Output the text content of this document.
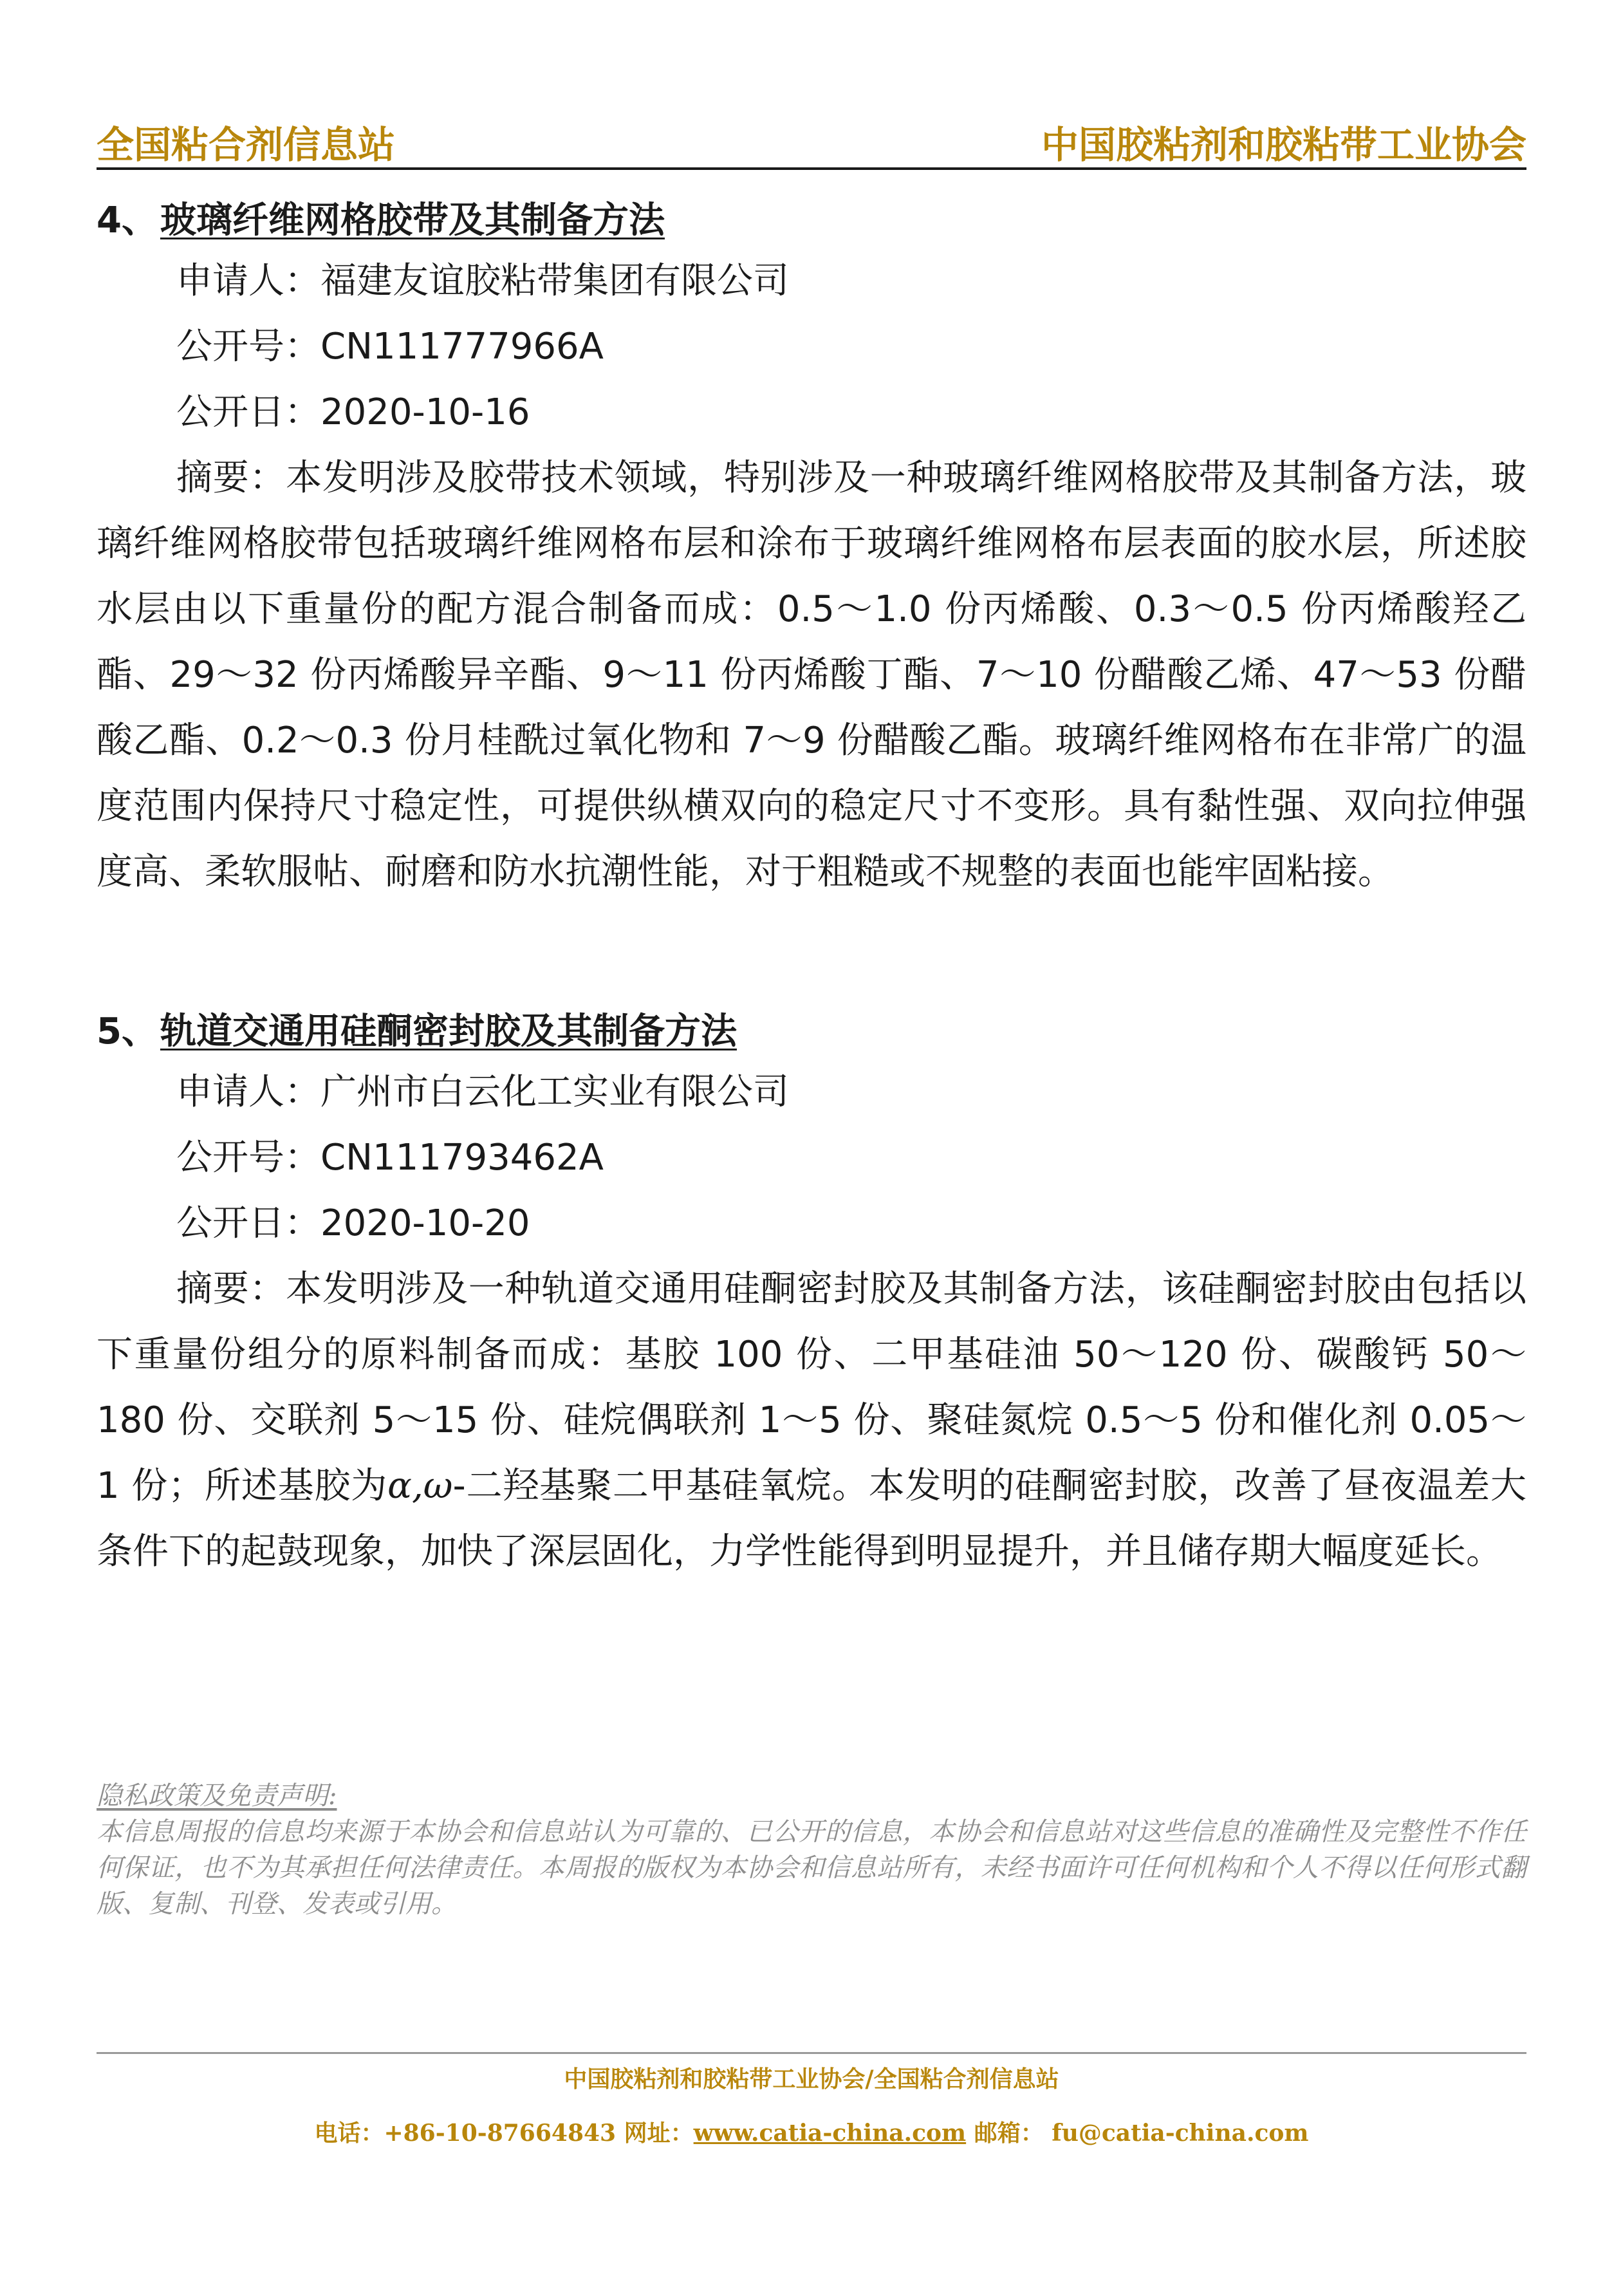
全国粘合剂信息站	中国胶粘剂和胶粘带工业协会
4、玻璃纤维网格胶带及其制备方法
申请人：福建友谊胶粘带集团有限公司
公开号：CN111777966A
公开日：2020-10-16

摘要：本发明涉及胶带技术领域，特别涉及一种玻璃纤维网格胶带及其制备方法，玻璃纤维网格胶带包括玻璃纤维网格布层和涂布于玻璃纤维网格布层表面的胶水层，所述胶水层由以下重量份的配方混合制备而成：0.5～1.0 份丙烯酸、0.3～0.5 份丙烯酸羟乙酯、29～32 份丙烯酸异辛酯、9～11 份丙烯酸丁酯、7～10 份醋酸乙烯、47～53 份醋酸乙酯、0.2～0.3 份月桂酰过氧化物和 7～9 份醋酸乙酯。玻璃纤维网格布在非常广的温度范围内保持尺寸稳定性，可提供纵横双向的稳定尺寸不变形。具有黏性强、双向拉伸强度高、柔软服帖、耐磨和防水抗潮性能，对于粗糙或不规整的表面也能牢固粘接。

5、轨道交通用硅酮密封胶及其制备方法
申请人：广州市白云化工实业有限公司
公开号：CN111793462A
公开日：2020-10-20

摘要：本发明涉及一种轨道交通用硅酮密封胶及其制备方法，该硅酮密封胶由包括以下重量份组分的原料制备而成：基胶 100 份、二甲基硅油 50～120 份、碳酸钙 50～180 份、交联剂 5～15 份、硅烷偶联剂 1～5 份、聚硅氮烷 0.5～5 份和催化剂 0.05～1 份；所述基胶为α,ω-二羟基聚二甲基硅氧烷。本发明的硅酮密封胶，改善了昼夜温差大条件下的起鼓现象，加快了深层固化，力学性能得到明显提升，并且储存期大幅度延长。

隐私政策及免责声明:

本信息周报的信息均来源于本协会和信息站认为可靠的、已公开的信息，本协会和信息站对这些信息的准确性及完整性不作任何保证，也不为其承担任何法律责任。本周报的版权为本协会和信息站所有，未经书面许可任何机构和个人不得以任何形式翻版、复制、刊登、发表或引用。

中国胶粘剂和胶粘带工业协会/全国粘合剂信息站
电话：+86-10-87664843 网址：www.catia-china.com 邮箱： fu@catia-china.com
